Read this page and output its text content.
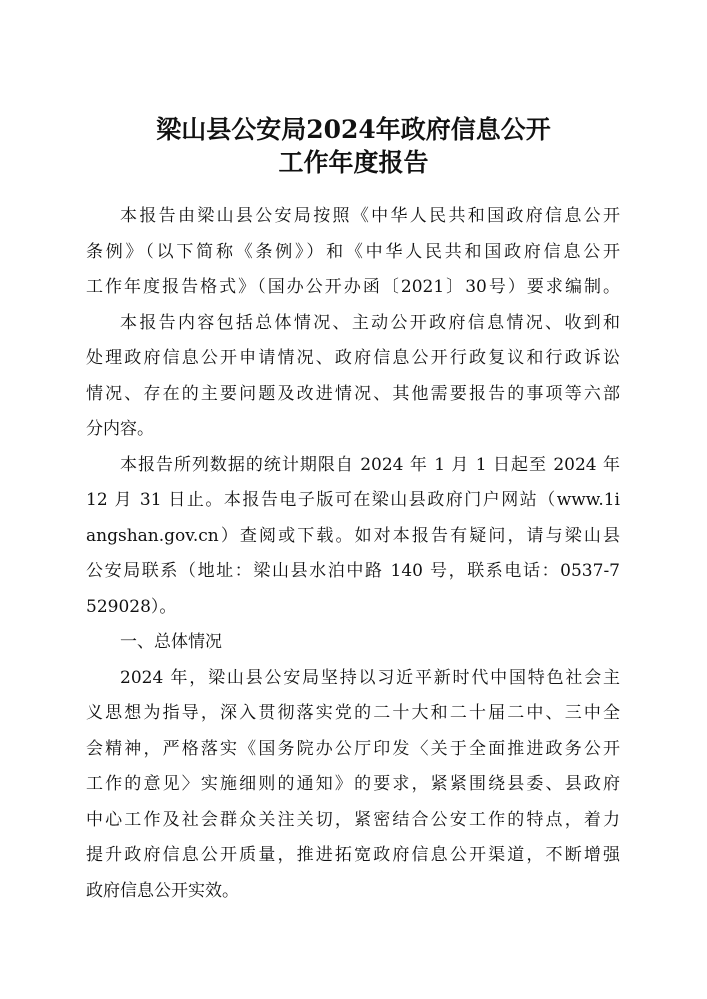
梁山县公安局2024年政府信息公开
工作年度报告
本报告由梁山县公安局按照《中华人民共和国政府信息公开
条例》（以下简称《条例》）和《中华人民共和国政府信息公开
工作年度报告格式》（国办公开办函〔2021〕30号）要求编制。
本报告内容包括总体情况、主动公开政府信息情况、收到和
处理政府信息公开申请情况、政府信息公开行政复议和行政诉讼
情况、存在的主要问题及改进情况、其他需要报告的事项等六部
分内容。
本报告所列数据的统计期限自 2024 年 1 月 1 日起至 2024 年
12 月 31 日止。本报告电子版可在梁山县政府门户网站（www.1i
angshan.gov.cn）查阅或下载。如对本报告有疑问，请与梁山县
公安局联系（地址：梁山县水泊中路 140 号，联系电话：0537-7
529028）。
一、总体情况
2024 年，梁山县公安局坚持以习近平新时代中国特色社会主
义思想为指导，深入贯彻落实党的二十大和二十届二中、三中全
会精神，严格落实《国务院办公厅印发〈关于全面推进政务公开
工作的意见〉实施细则的通知》的要求，紧紧围绕县委、县政府
中心工作及社会群众关注关切，紧密结合公安工作的特点，着力
提升政府信息公开质量，推进拓宽政府信息公开渠道，不断增强
政府信息公开实效。
